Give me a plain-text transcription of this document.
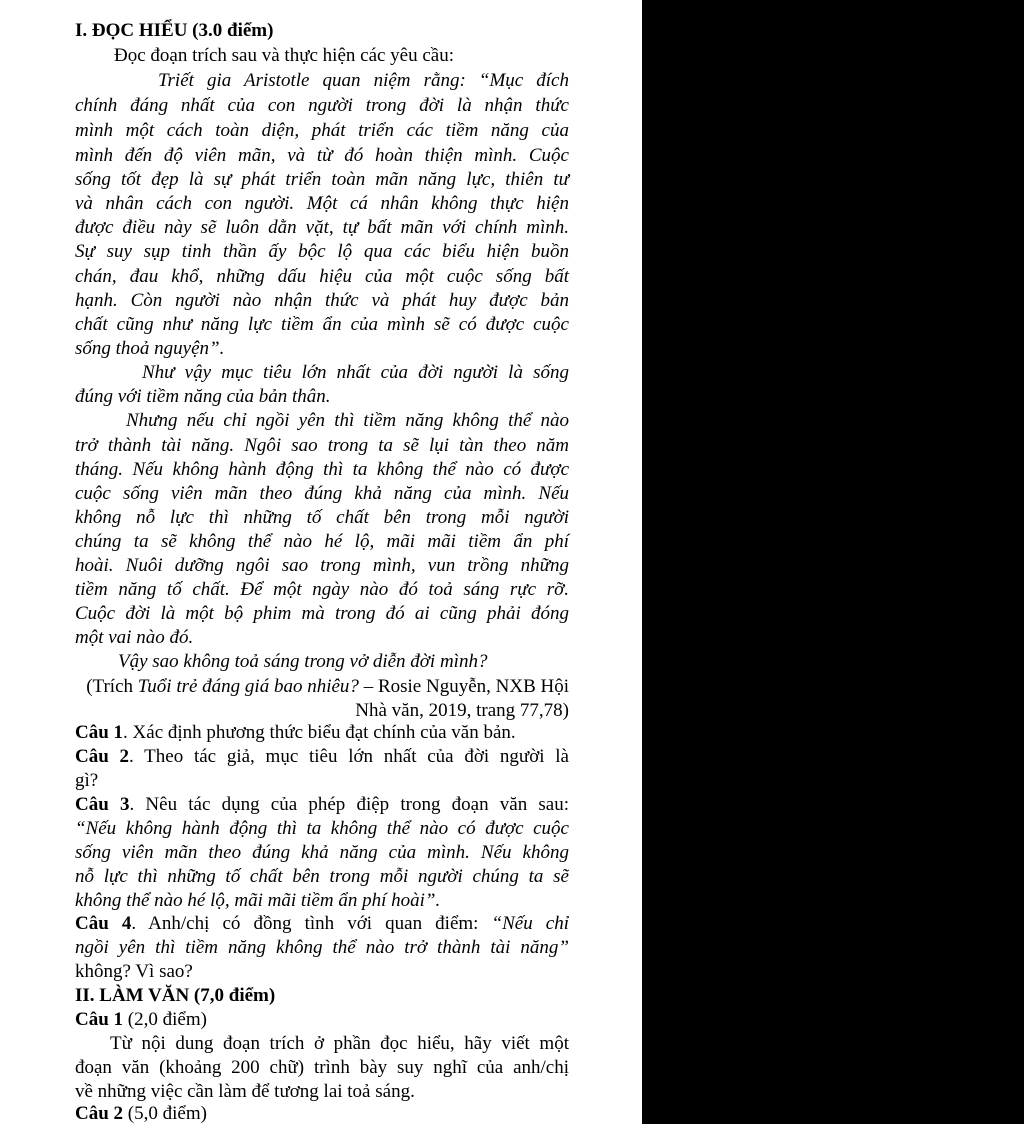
I. ĐỌC HIỂU (3.0 điểm)
Đọc đoạn trích sau và thực hiện các yêu cầu:
Triết gia Aristotle quan niệm rằng: “Mục đích
chính đáng nhất của con người trong đời là nhận thức
mình một cách toàn diện, phát triển các tiềm năng của
mình đến độ viên mãn, và từ đó hoàn thiện mình. Cuộc
sống tốt đẹp là sự phát triển toàn mãn năng lực, thiên tư
và nhân cách con người. Một cá nhân không thực hiện
được điều này sẽ luôn dằn vặt, tự bất mãn với chính mình.
Sự suy sụp tinh thần ấy bộc lộ qua các biểu hiện buồn
chán, đau khổ, những dấu hiệu của một cuộc sống bất
hạnh. Còn người nào nhận thức và phát huy được bản
chất cũng như năng lực tiềm ẩn của mình sẽ có được cuộc
sống thoả nguyện”.
Như vậy mục tiêu lớn nhất của đời người là sống
đúng với tiềm năng của bản thân.
Nhưng nếu chỉ ngồi yên thì tiềm năng không thể nào
trở thành tài năng. Ngôi sao trong ta sẽ lụi tàn theo năm
tháng. Nếu không hành động thì ta không thể nào có được
cuộc sống viên mãn theo đúng khả năng của mình. Nếu
không nỗ lực thì những tố chất bên trong mỗi người
chúng ta sẽ không thể nào hé lộ, mãi mãi tiềm ẩn phí
hoài. Nuôi dưỡng ngôi sao trong mình, vun trồng những
tiềm năng tố chất. Để một ngày nào đó toả sáng rực rỡ.
Cuộc đời là một bộ phim mà trong đó ai cũng phải đóng
một vai nào đó.
Vậy sao không toả sáng trong vở diễn đời mình?
(Trích Tuổi trẻ đáng giá bao nhiêu? – Rosie Nguyễn, NXB Hội
Nhà văn, 2019, trang 77,78)
Câu 1. Xác định phương thức biểu đạt chính của văn bản.
Câu 2. Theo tác giả, mục tiêu lớn nhất của đời người là
gì?
Câu 3. Nêu tác dụng của phép điệp trong đoạn văn sau:
“Nếu không hành động thì ta không thể nào có được cuộc
sống viên mãn theo đúng khả năng của mình. Nếu không
nỗ lực thì những tố chất bên trong mỗi người chúng ta sẽ
không thể nào hé lộ, mãi mãi tiềm ẩn phí hoài”.
Câu 4. Anh/chị có đồng tình với quan điểm: “Nếu chỉ
ngồi yên thì tiềm năng không thể nào trở thành tài năng”
không? Vì sao?
II. LÀM VĂN (7,0 điểm)
Câu 1 (2,0 điểm)
Từ nội dung đoạn trích ở phần đọc hiểu, hãy viết một
đoạn văn (khoảng 200 chữ) trình bày suy nghĩ của anh/chị
về những việc cần làm để tương lai toả sáng.
Câu 2 (5,0 điểm)
